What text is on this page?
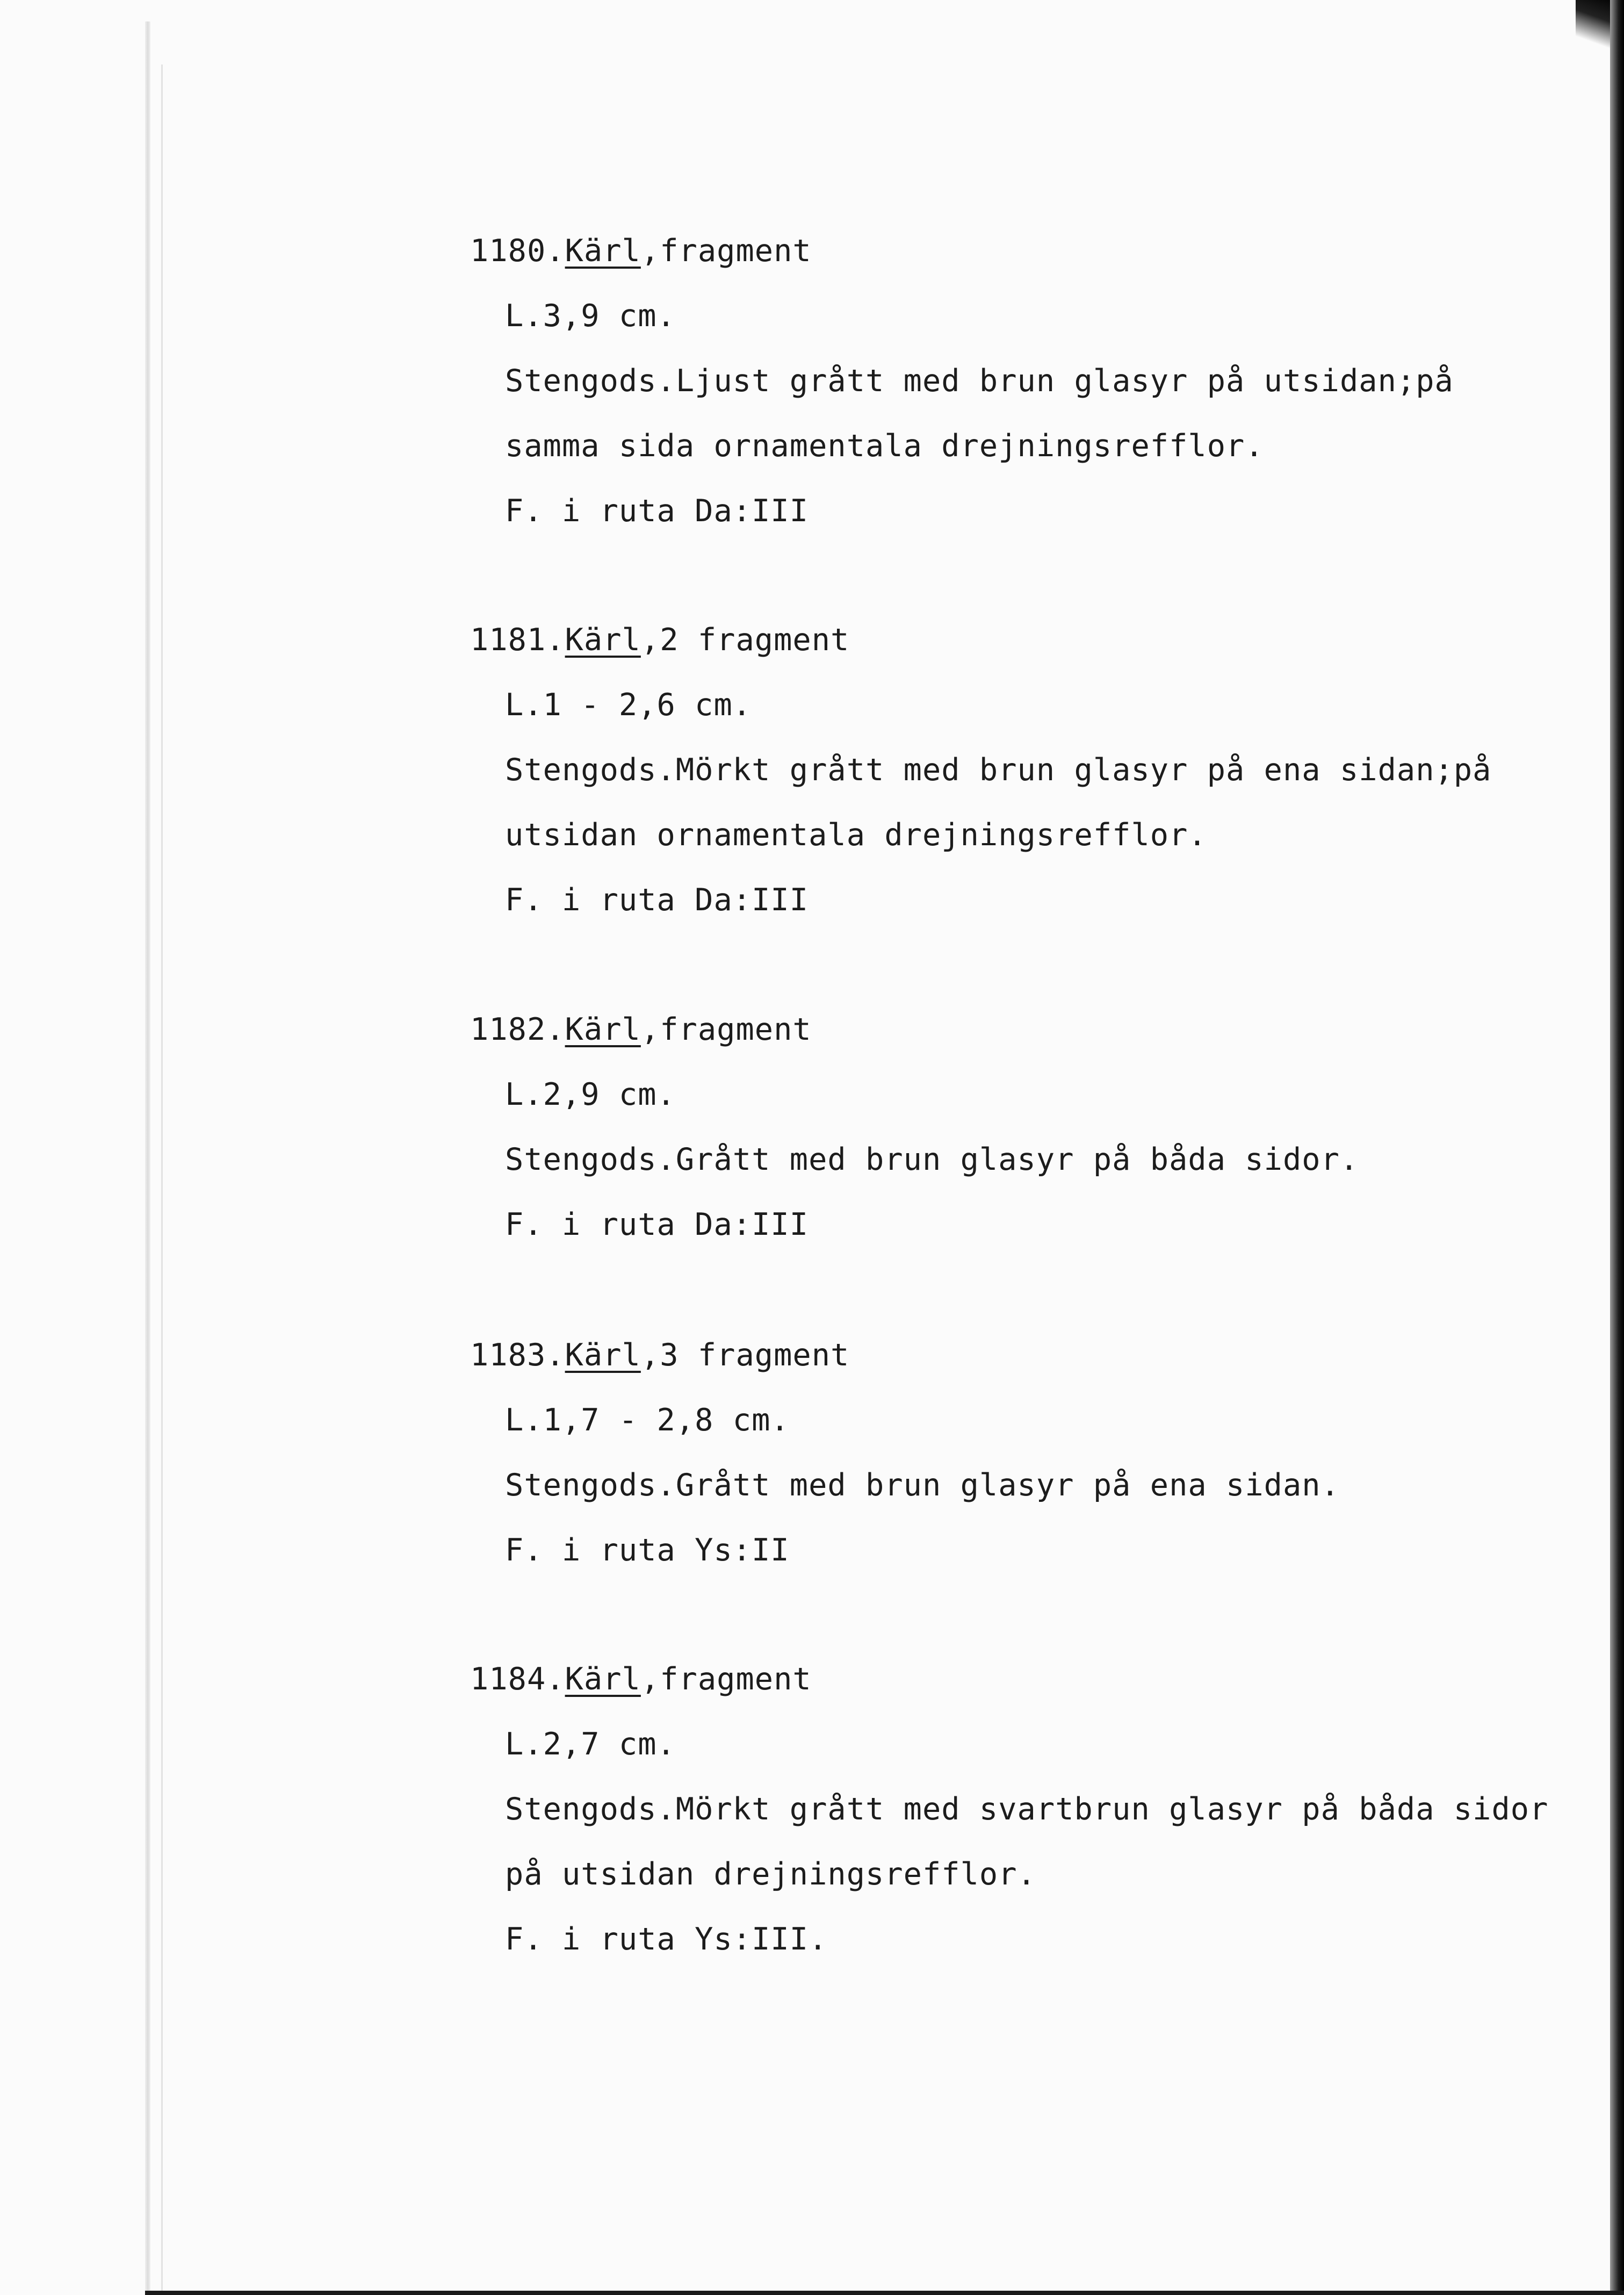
1180.Kärl,fragment
L.3,9 cm.
Stengods.Ljust grått med brun glasyr på utsidan;på
samma sida ornamentala drejningsrefflor.
F. i ruta Da:III
1181.Kärl,2 fragment
L.1 - 2,6 cm.
Stengods.Mörkt grått med brun glasyr på ena sidan;på
utsidan ornamentala drejningsrefflor.
F. i ruta Da:III
1182.Kärl,fragment
L.2,9 cm.
Stengods.Grått med brun glasyr på båda sidor.
F. i ruta Da:III
1183.Kärl,3 fragment
L.1,7 - 2,8 cm.
Stengods.Grått med brun glasyr på ena sidan.
F. i ruta Ys:II
1184.Kärl,fragment
L.2,7 cm.
Stengods.Mörkt grått med svartbrun glasyr på båda sidor
på utsidan drejningsrefflor.
F. i ruta Ys:III.
